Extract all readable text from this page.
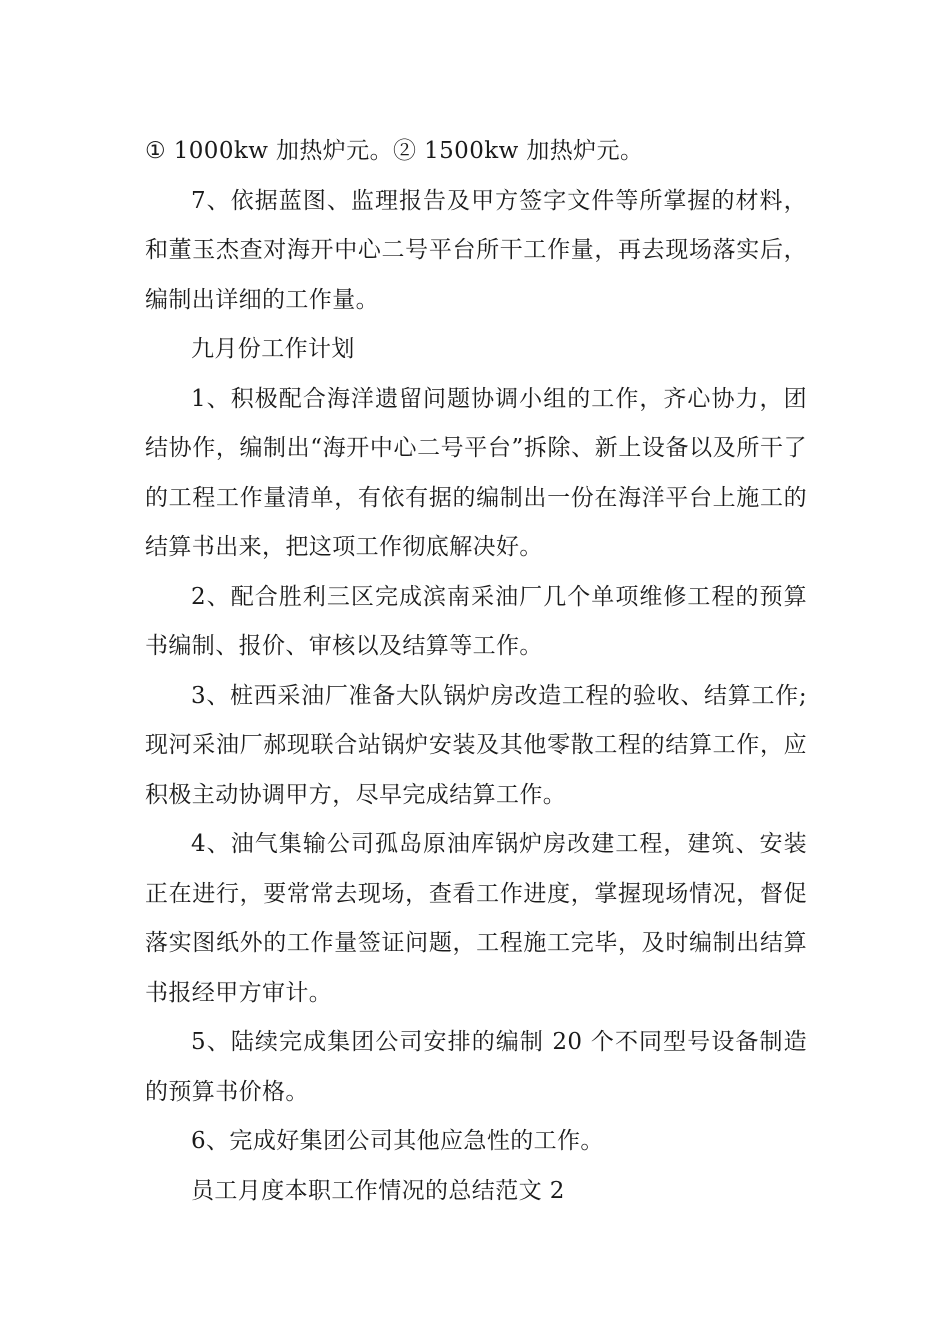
① 1000kw 加热炉元。② 1500kw 加热炉元。

7、依据蓝图、监理报告及甲方签字文件等所掌握的材料，和董玉杰查对海开中心二号平台所干工作量，再去现场落实后，编制出详细的工作量。

九月份工作计划

1、积极配合海洋遗留问题协调小组的工作，齐心协力，团结协作，编制出“海开中心二号平台”拆除、新上设备以及所干了的工程工作量清单，有依有据的编制出一份在海洋平台上施工的结算书出来，把这项工作彻底解决好。

2、配合胜利三区完成滨南采油厂几个单项维修工程的预算书编制、报价、审核以及结算等工作。

3、桩西采油厂准备大队锅炉房改造工程的验收、结算工作;现河采油厂郝现联合站锅炉安装及其他零散工程的结算工作，应积极主动协调甲方，尽早完成结算工作。

4、油气集输公司孤岛原油库锅炉房改建工程，建筑、安装正在进行，要常常去现场，查看工作进度，掌握现场情况，督促落实图纸外的工作量签证问题，工程施工完毕，及时编制出结算书报经甲方审计。

5、陆续完成集团公司安排的编制 20 个不同型号设备制造的预算书价格。

6、完成好集团公司其他应急性的工作。

员工月度本职工作情况的总结范文 2
